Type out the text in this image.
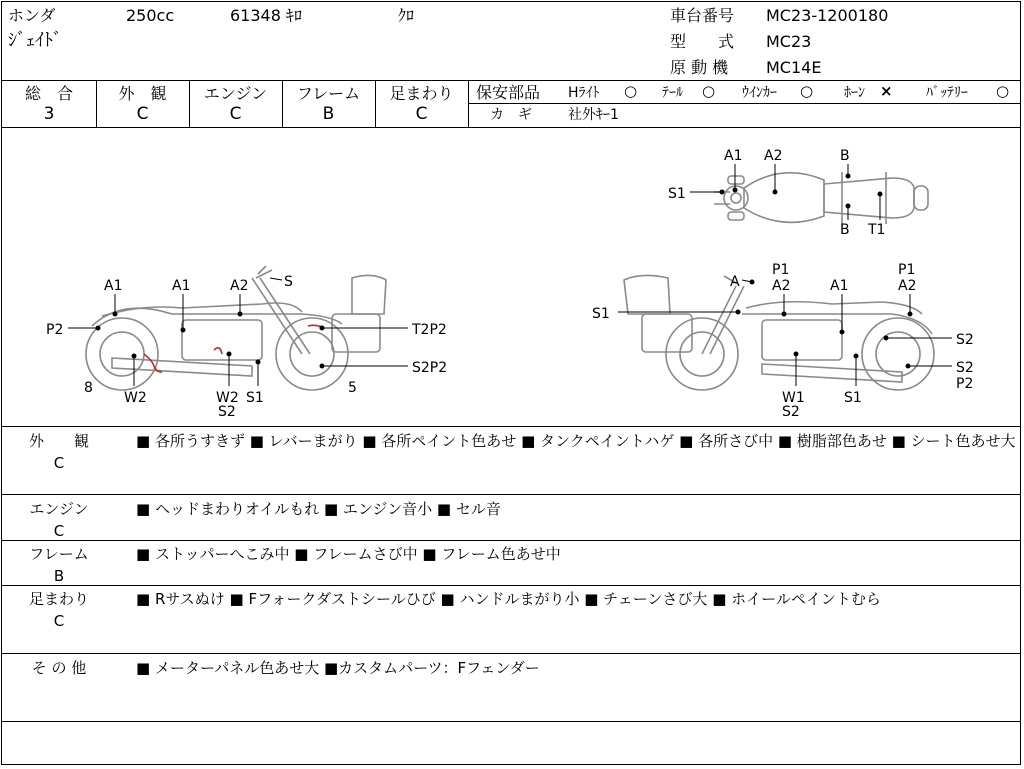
ホンダ	250cc	61348 ｷﾛ	ｸﾛ
ｼﾞｪｲﾄﾞ
車台番号 MC23-1200180
型　　式 MC23
原 動 機 MC14E
総　合
3
外　観
C
エンジン
C
フレーム
B
足まわり
C
保安部品 Hﾗｲﾄ ○ ﾃｰﾙ ○ ｳｲﾝｶｰ ○ ﾎｰﾝ × ﾊﾞｯﾃﾘｰ ○
カ　ギ	社外ｷｰ1
A1 A2	B
S1
B T1
A1	A1	A2	S
P2	T2P2
S2P2
8
W2	W2
S2
S1
5
A
P1
A2	A1
P1
A2
S1
S2
S2
P2
W1
S2
S1
外　　観
C
■ 各所うすきず ■ レバーまがり ■ 各所ペイント色あせ ■ タンクペイントハゲ ■ 各所さび中 ■ 樹脂部色あせ ■ シート色あせ大
エンジン
C
■ ヘッドまわりオイルもれ ■ エンジン音小 ■ セル音
フレーム
B
■ ストッパーへこみ中 ■ フレームさび中 ■ フレーム色あせ中
足まわり
C
■ Rサスぬけ ■ Fフォークダストシールひび ■ ハンドルまがり小 ■ チェーンさび大 ■ ホイールペイントむら
そ の 他	■ メーターパネル色あせ大 ■カスタムパーツ：Fフェンダー
